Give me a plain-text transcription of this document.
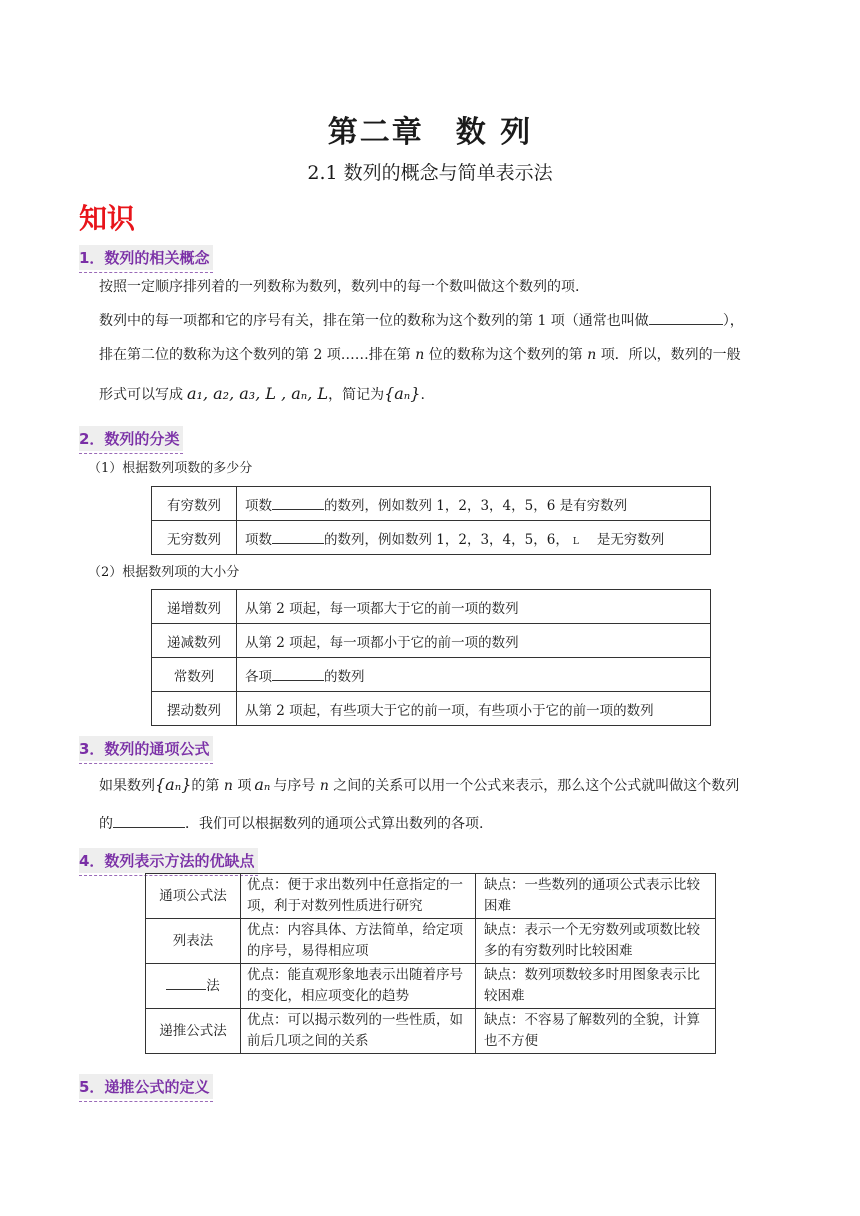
第二章　数 列
2.1 数列的概念与简单表示法
知识
1．数列的相关概念
按照一定顺序排列着的一列数称为数列，数列中的每一个数叫做这个数列的项.
数列中的每一项都和它的序号有关，排在第一位的数称为这个数列的第 1 项（通常也叫做	），
排在第二位的数称为这个数列的第 2 项……排在第 n 位的数称为这个数列的第 n 项．所以，数列的一般
形式可以写成 a₁, a₂, a₃, L , aₙ, L，简记为{aₙ}.
2．数列的分类
（1）根据数列项数的多少分
有穷数列	项数 的数列，例如数列 1，2，3，4，5，6 是有穷数列
无穷数列	项数 的数列，例如数列 1，2，3，4，5，6， L 是无穷数列
（2）根据数列项的大小分
递增数列	从第 2 项起，每一项都大于它的前一项的数列
递减数列	从第 2 项起，每一项都小于它的前一项的数列
常数列	各项 的数列
摆动数列	从第 2 项起，有些项大于它的前一项，有些项小于它的前一项的数列
3．数列的通项公式
如果数列{aₙ}的第 n 项 aₙ 与序号 n 之间的关系可以用一个公式来表示，那么这个公式就叫做这个数列
的	．我们可以根据数列的通项公式算出数列的各项.
4．数列表示方法的优缺点
通项公式法	优点：便于求出数列中任意指定的一项，利于对数列性质进行研究	缺点：一些数列的通项公式表示比较困难
列表法	优点：内容具体、方法简单，给定项的序号，易得相应项	缺点：表示一个无穷数列或项数比较多的有穷数列时比较困难
法	优点：能直观形象地表示出随着序号的变化，相应项变化的趋势	缺点：数列项数较多时用图象表示比较困难
递推公式法	优点：可以揭示数列的一些性质，如前后几项之间的关系	缺点：不容易了解数列的全貌，计算也不方便
5．递推公式的定义
